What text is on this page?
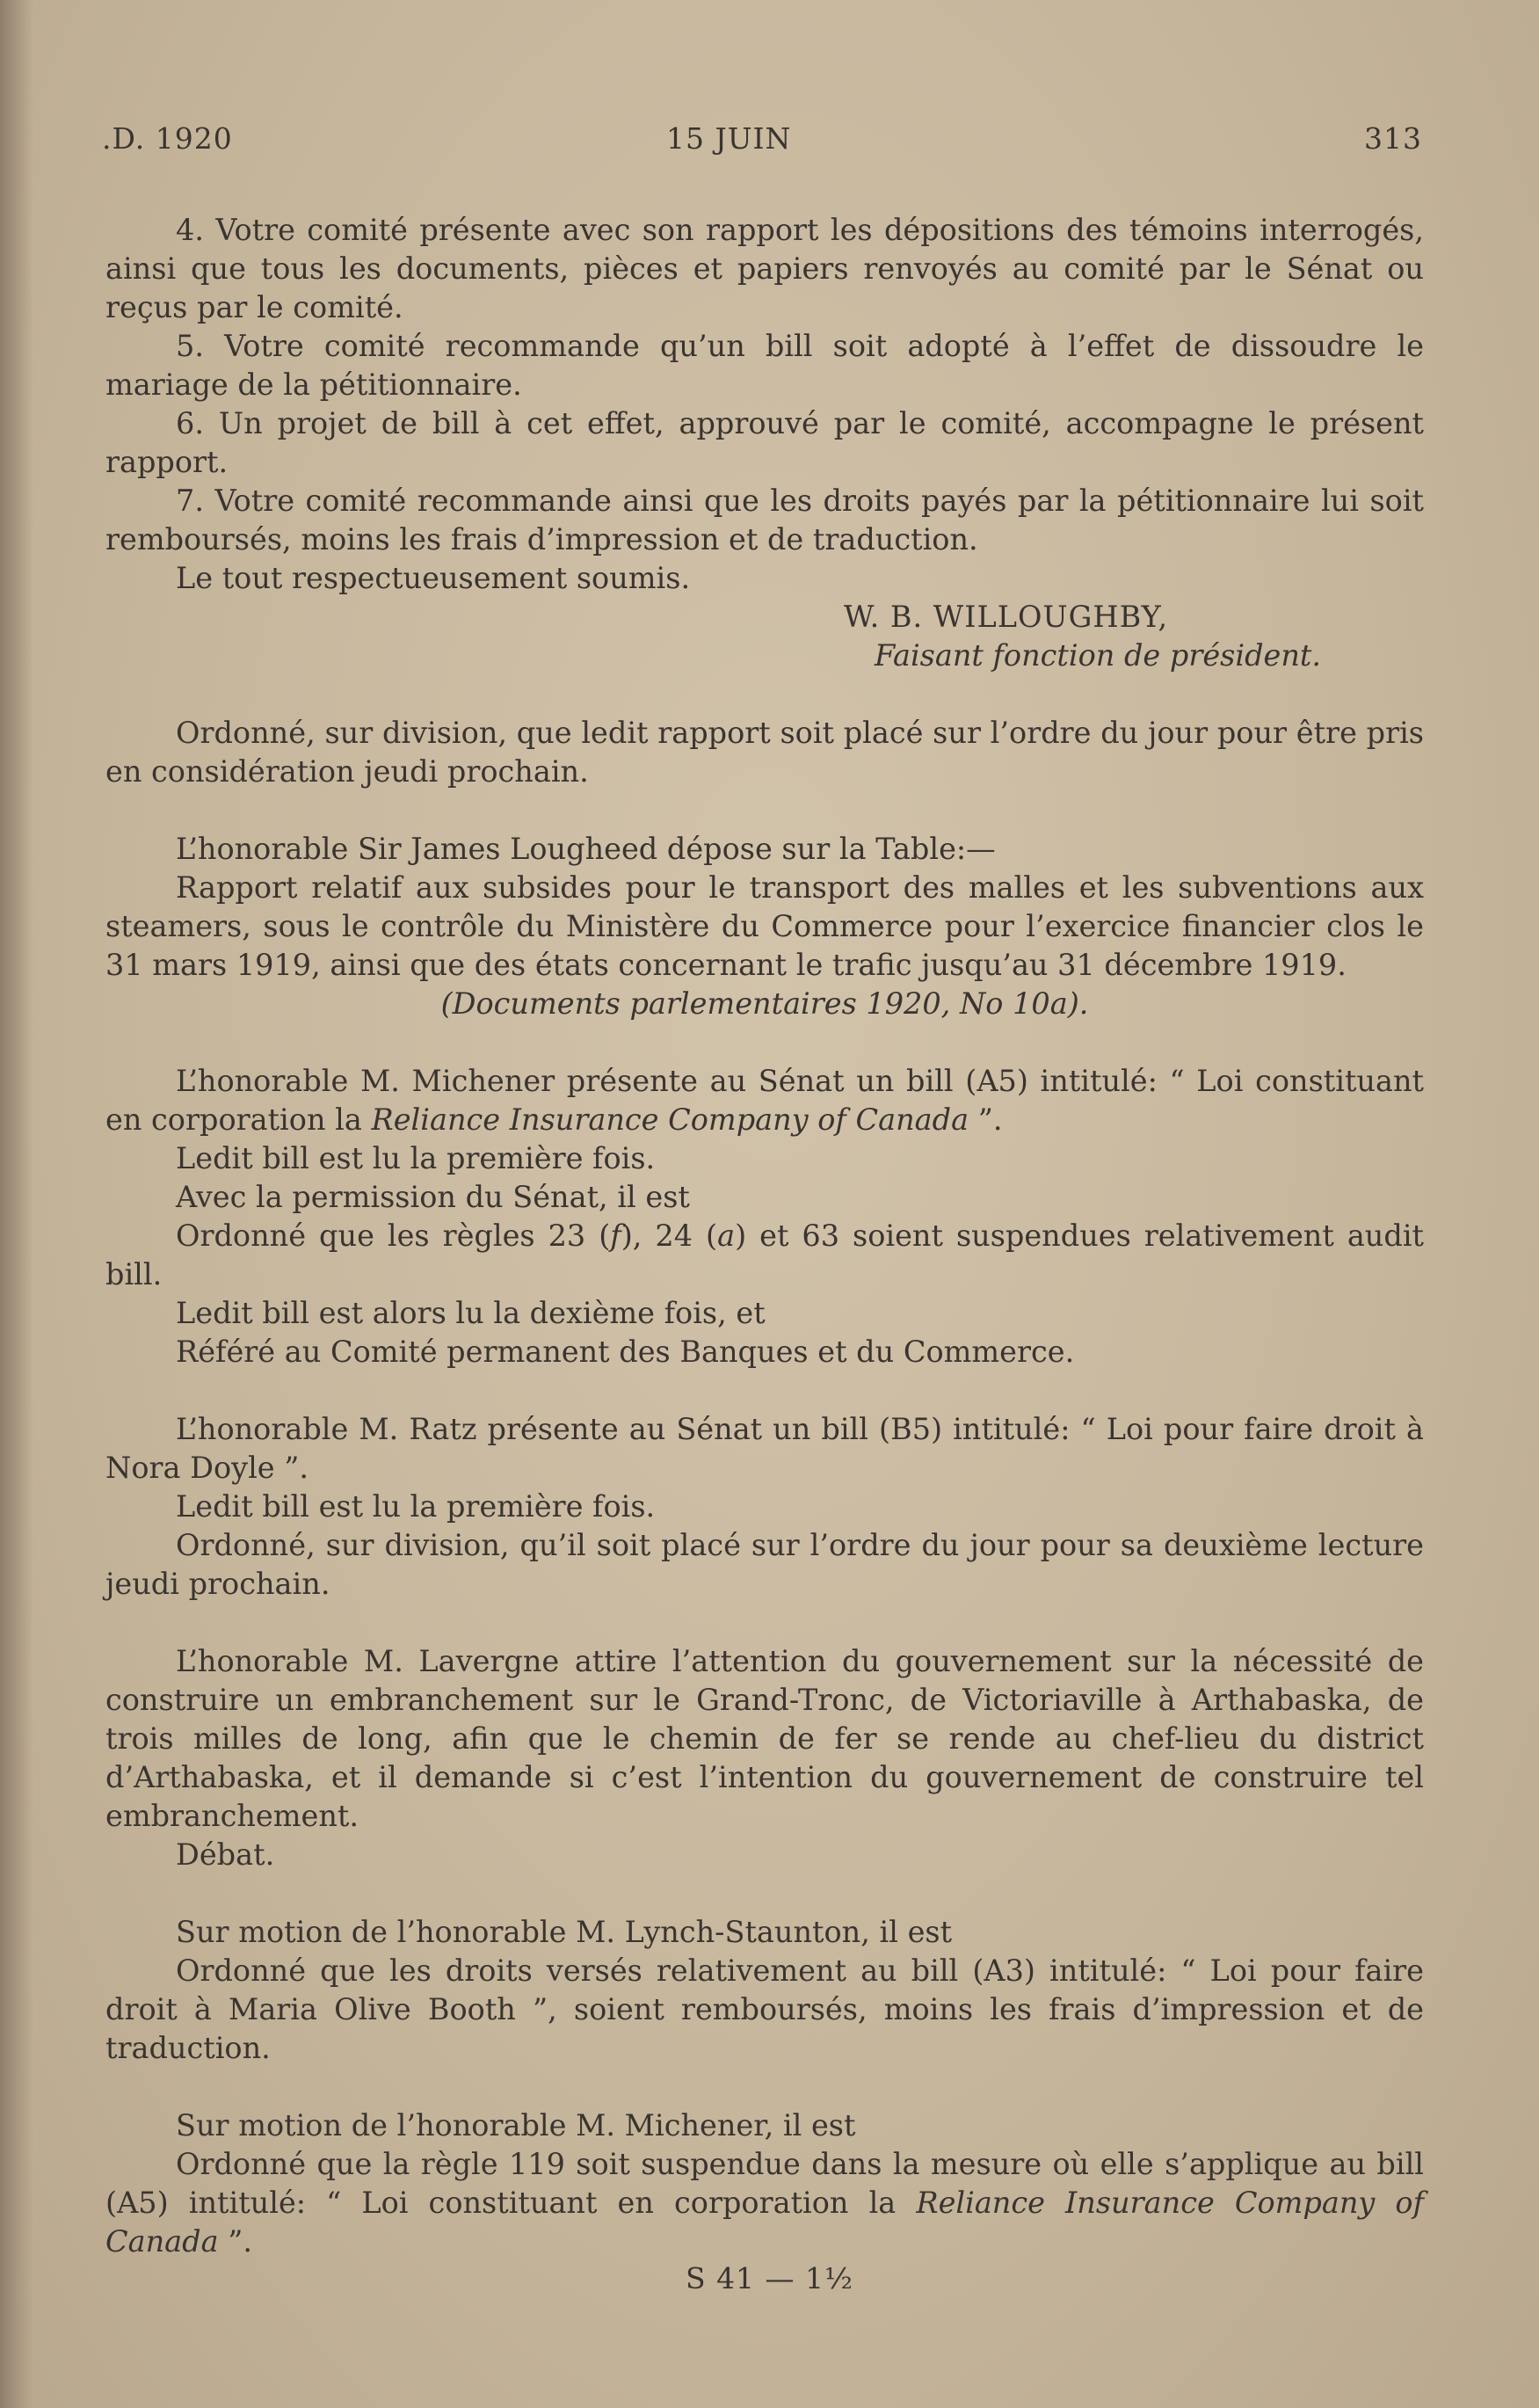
.D. 1920	15 JUIN	313

4. Votre comité présente avec son rapport les dépositions des témoins interrogés, ainsi que tous les documents, pièces et papiers renvoyés au comité par le Sénat ou reçus par le comité.

5. Votre comité recommande qu’un bill soit adopté à l’effet de dissoudre le mariage de la pétitionnaire.

6. Un projet de bill à cet effet, approuvé par le comité, accompagne le présent rapport.

7. Votre comité recommande ainsi que les droits payés par la pétitionnaire lui soit remboursés, moins les frais d’impression et de traduction.

Le tout respectueusement soumis.

W. B. WILLOUGHBY,

Faisant fonction de président.

Ordonné, sur division, que ledit rapport soit placé sur l’ordre du jour pour être pris en considération jeudi prochain.

L’honorable Sir James Lougheed dépose sur la Table:—

Rapport relatif aux subsides pour le transport des malles et les subventions aux steamers, sous le contrôle du Ministère du Commerce pour l’exercice financier clos le 31 mars 1919, ainsi que des états concernant le trafic jusqu’au 31 décembre 1919.

(Documents parlementaires 1920, No 10a).

L’honorable M. Michener présente au Sénat un bill (A5) intitulé: “ Loi constituant en corporation la Reliance Insurance Company of Canada ”.

Ledit bill est lu la première fois.

Avec la permission du Sénat, il est

Ordonné que les règles 23 (f), 24 (a) et 63 soient suspendues relativement audit bill.

Ledit bill est alors lu la dexième fois, et

Référé au Comité permanent des Banques et du Commerce.

L’honorable M. Ratz présente au Sénat un bill (B5) intitulé: “ Loi pour faire droit à Nora Doyle ”.

Ledit bill est lu la première fois.

Ordonné, sur division, qu’il soit placé sur l’ordre du jour pour sa deuxième lecture jeudi prochain.

L’honorable M. Lavergne attire l’attention du gouvernement sur la nécessité de construire un embranchement sur le Grand-Tronc, de Victoriaville à Arthabaska, de trois milles de long, afin que le chemin de fer se rende au chef-lieu du district d’Arthabaska, et il demande si c’est l’intention du gouvernement de construire tel embranchement.

Débat.

Sur motion de l’honorable M. Lynch-Staunton, il est

Ordonné que les droits versés relativement au bill (A3) intitulé: “ Loi pour faire droit à Maria Olive Booth ”, soient remboursés, moins les frais d’impression et de traduction.

Sur motion de l’honorable M. Michener, il est

Ordonné que la règle 119 soit suspendue dans la mesure où elle s’applique au bill (A5) intitulé: “ Loi constituant en corporation la Reliance Insurance Company of Canada ”.

S 41 — 1½
